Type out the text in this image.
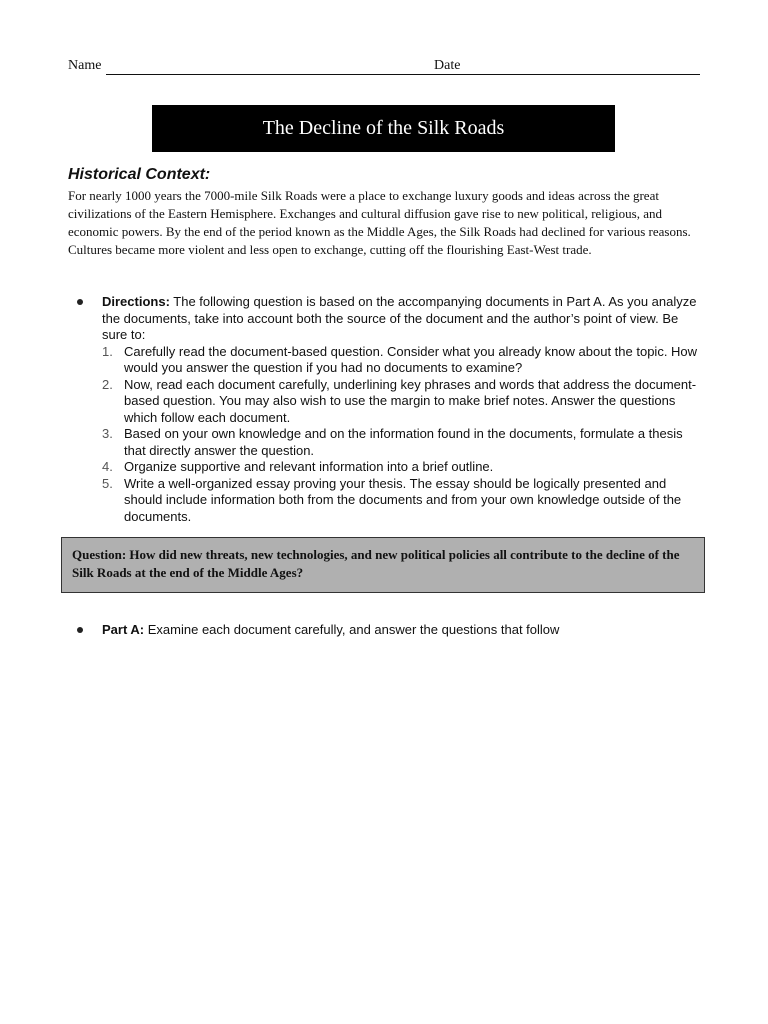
Name	Date
The Decline of the Silk Roads
Historical Context:
For nearly 1000 years the 7000-mile Silk Roads were a place to exchange luxury goods and ideas across the great civilizations of the Eastern Hemisphere. Exchanges and cultural diffusion gave rise to new political, religious, and economic powers. By the end of the period known as the Middle Ages, the Silk Roads had declined for various reasons. Cultures became more violent and less open to exchange, cutting off the flourishing East-West trade.
Directions: The following question is based on the accompanying documents in Part A. As you analyze the documents, take into account both the source of the document and the author’s point of view. Be sure to:
Carefully read the document-based question. Consider what you already know about the topic. How would you answer the question if you had no documents to examine?
Now, read each document carefully, underlining key phrases and words that address the document-based question. You may also wish to use the margin to make brief notes. Answer the questions which follow each document.
Based on your own knowledge and on the information found in the documents, formulate a thesis that directly answer the question.
Organize supportive and relevant information into a brief outline.
Write a well-organized essay proving your thesis. The essay should be logically presented and should include information both from the documents and from your own knowledge outside of the documents.
Question: How did new threats, new technologies, and new political policies all contribute to the decline of the Silk Roads at the end of the Middle Ages?
Part A: Examine each document carefully, and answer the questions that follow
